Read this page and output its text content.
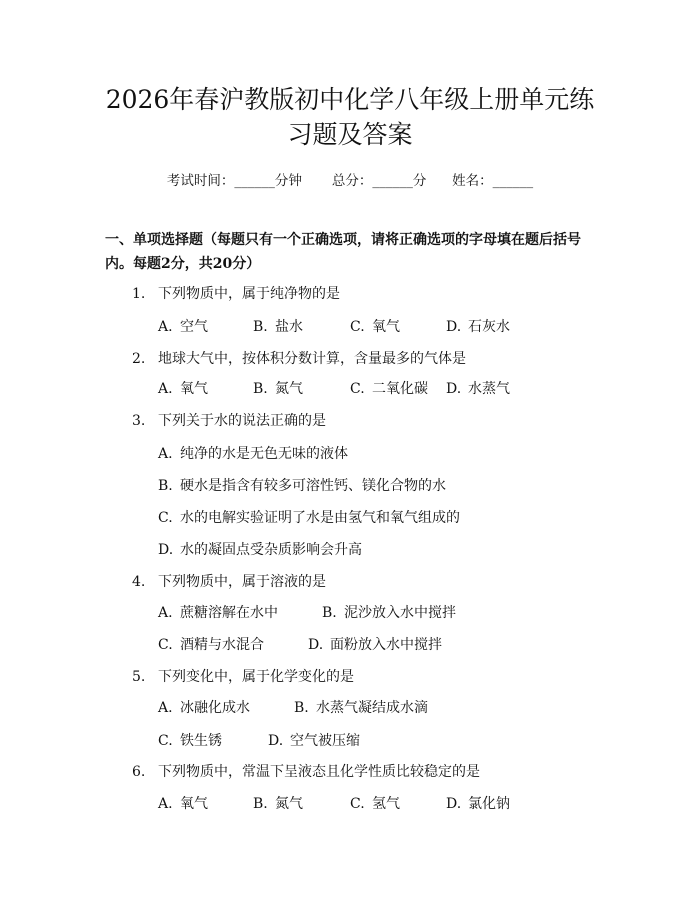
2026年春沪教版初中化学八年级上册单元练
习题及答案
考试时间：______分钟 总分：______分 姓名：______
一、单项选择题（每题只有一个正确选项，请将正确选项的字母填在题后括号
内。每题2分，共20分）
1. 下列物质中，属于纯净物的是
A. 空气	B. 盐水	C. 氧气	D. 石灰水
2. 地球大气中，按体积分数计算，含量最多的气体是
A. 氧气	B. 氮气	C. 二氧化碳 D. 水蒸气
3. 下列关于水的说法正确的是
A. 纯净的水是无色无味的液体
B. 硬水是指含有较多可溶性钙、镁化合物的水
C. 水的电解实验证明了水是由氢气和氧气组成的
D. 水的凝固点受杂质影响会升高
4. 下列物质中，属于溶液的是
A. 蔗糖溶解在水中	B. 泥沙放入水中搅拌
C. 酒精与水混合	D. 面粉放入水中搅拌
5. 下列变化中，属于化学变化的是
A. 冰融化成水	B. 水蒸气凝结成水滴
C. 铁生锈	D. 空气被压缩
6. 下列物质中，常温下呈液态且化学性质比较稳定的是
A. 氧气	B. 氮气	C. 氢气	D. 氯化钠
